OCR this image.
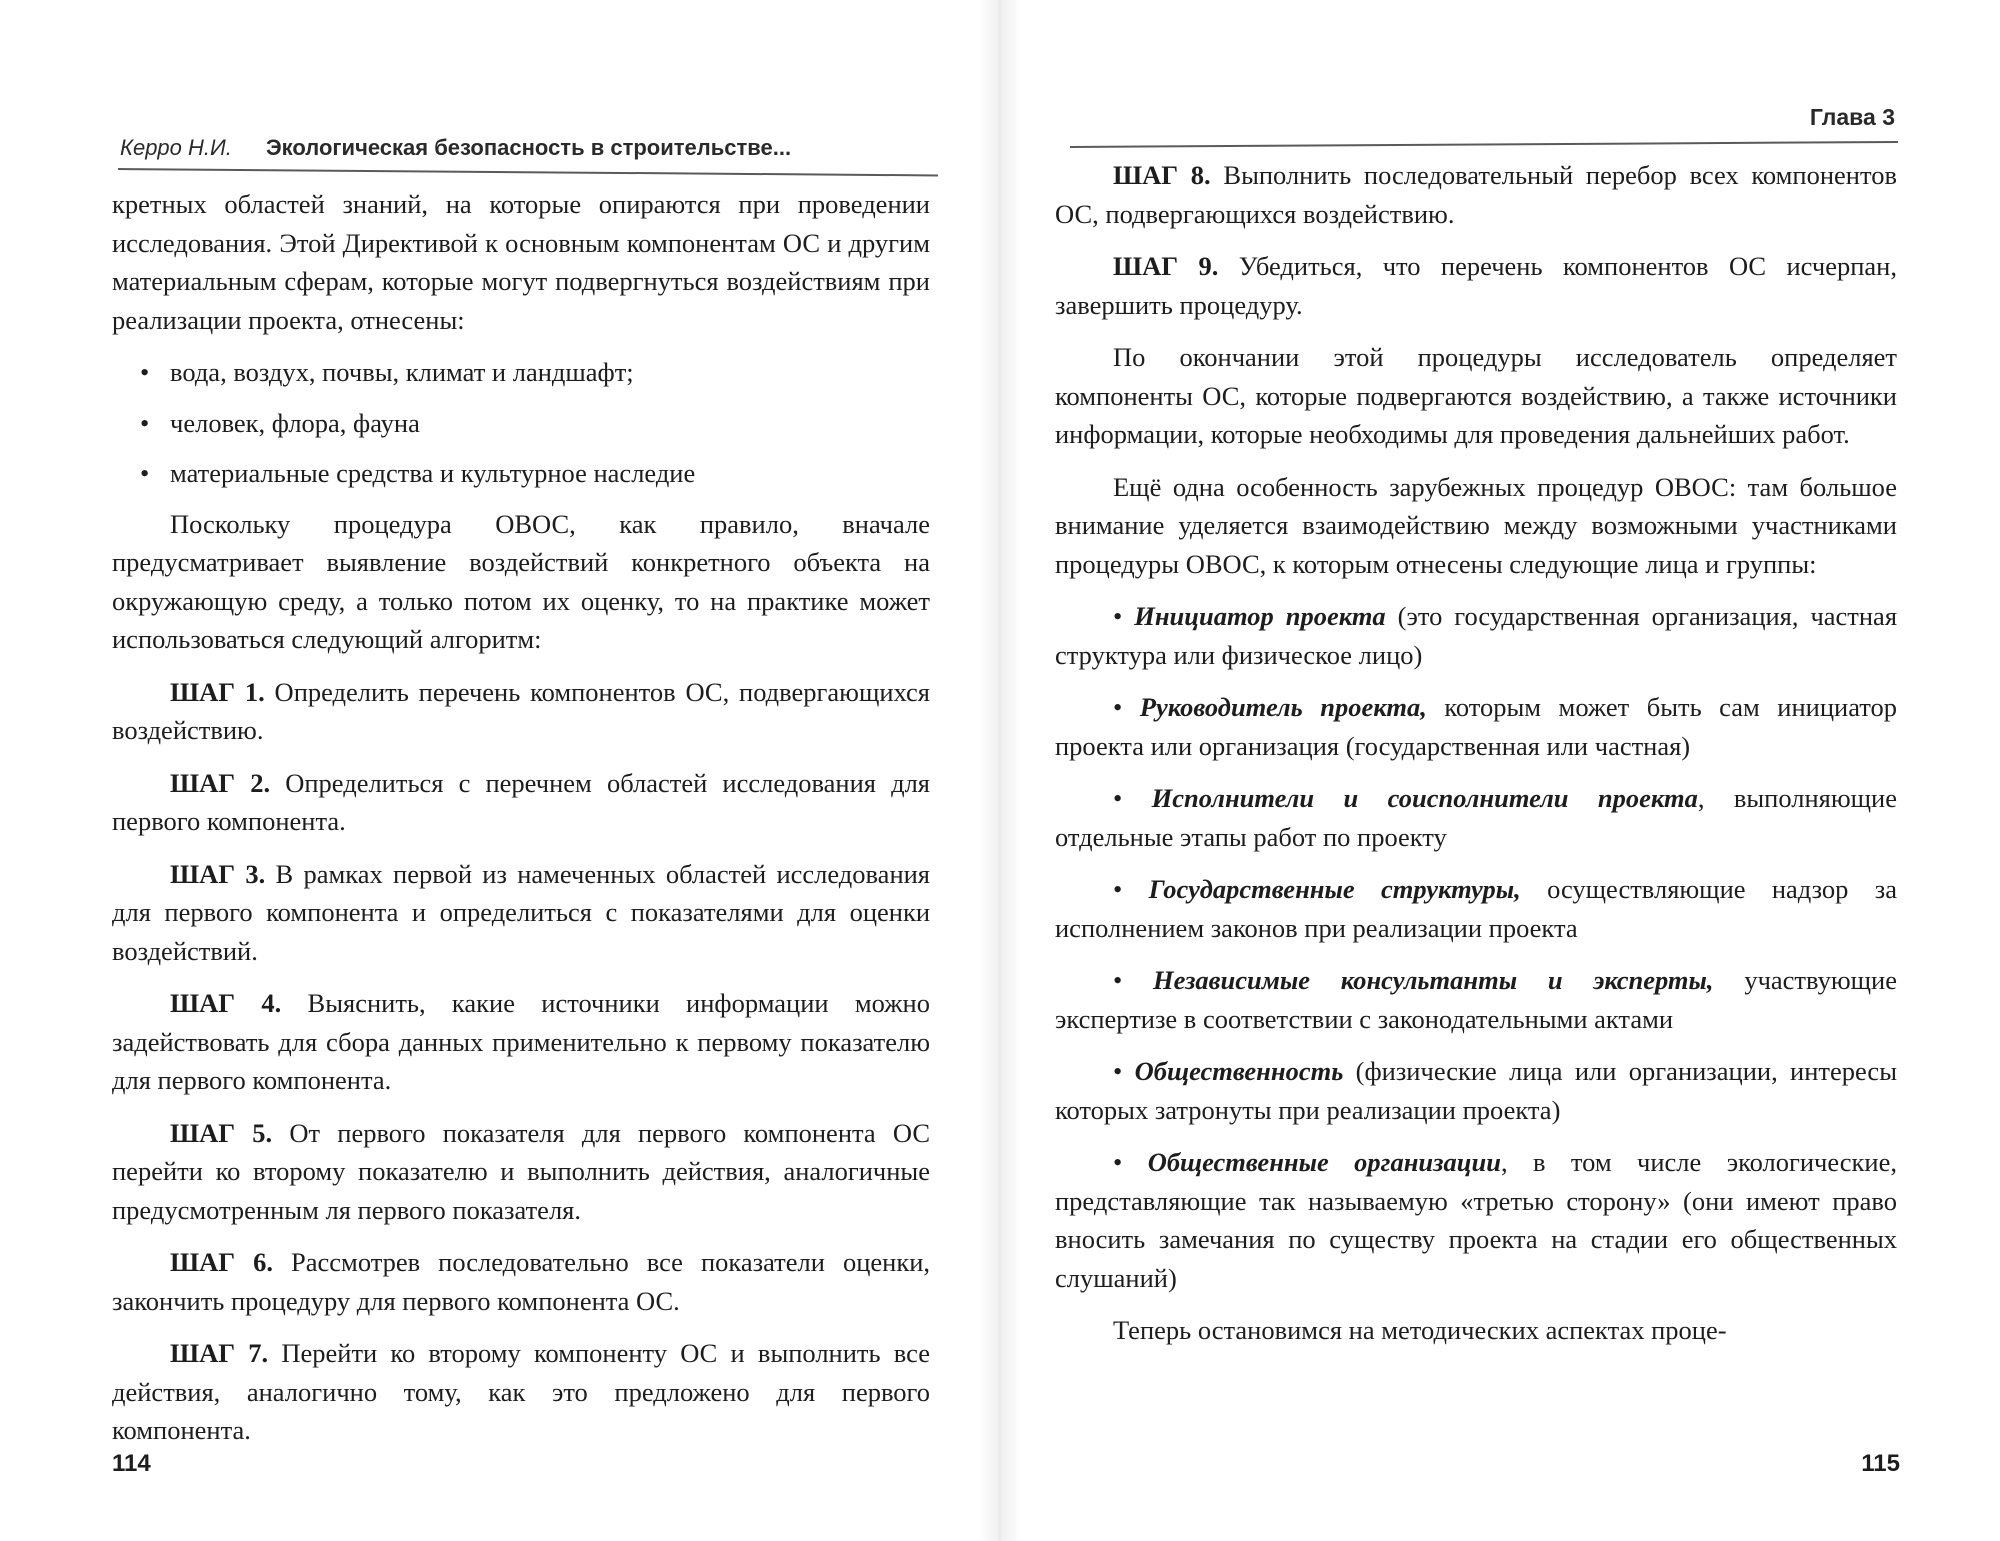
Керро Н.И. Экологическая безопасность в строительстве...

кретных областей знаний, на которые опираются при проведении исследования. Этой Директивой к основным компонентам ОС и другим материальным сферам, которые могут подвергнуться воздействиям при реализации проекта, отнесены:

• вода, воздух, почвы, климат и ландшафт;
• человек, флора, фауна
• материальные средства и культурное наследие

Поскольку процедура ОВОС, как правило, вначале предусматривает выявление воздействий конкретного объекта на окружающую среду, а только потом их оценку, то на практике может использоваться следующий алгоритм:

ШАГ 1. Определить перечень компонентов ОС, подвергающихся воздействию.

ШАГ 2. Определиться с перечнем областей исследования для первого компонента.

ШАГ 3. В рамках первой из намеченных областей исследования для первого компонента и определиться с показателями для оценки воздействий.

ШАГ 4. Выяснить, какие источники информации можно задействовать для сбора данных применительно к первому показателю для первого компонента.

ШАГ 5. От первого показателя для первого компонента ОС перейти ко второму показателю и выполнить действия, аналогичные предусмотренным ля первого показателя.

ШАГ 6. Рассмотрев последовательно все показатели оценки, закончить процедуру для первого компонента ОС.

ШАГ 7. Перейти ко второму компоненту ОС и выполнить все действия, аналогично тому, как это предложено для первого компонента.

114
Глава 3

ШАГ 8. Выполнить последовательный перебор всех компонентов ОС, подвергающихся воздействию.

ШАГ 9. Убедиться, что перечень компонентов ОС исчерпан, завершить процедуру.

По окончании этой процедуры исследователь определяет компоненты ОС, которые подвергаются воздействию, а также источники информации, которые необходимы для проведения дальнейших работ.

Ещё одна особенность зарубежных процедур ОВОС: там большое внимание уделяется взаимодействию между возможными участниками процедуры ОВОС, к которым отнесены следующие лица и группы:

• Инициатор проекта (это государственная организация, частная структура или физическое лицо)

• Руководитель проекта, которым может быть сам инициатор проекта или организация (государственная или частная)

• Исполнители и соисполнители проекта, выполняющие отдельные этапы работ по проекту

• Государственные структуры, осуществляющие надзор за исполнением законов при реализации проекта

• Независимые консультанты и эксперты, участвующие экспертизе в соответствии с законодательными актами

• Общественность (физические лица или организации, интересы которых затронуты при реализации проекта)

• Общественные организации, в том числе экологические, представляющие так называемую «третью сторону» (они имеют право вносить замечания по существу проекта на стадии его общественных слушаний)

Теперь остановимся на методических аспектах проце-

115
